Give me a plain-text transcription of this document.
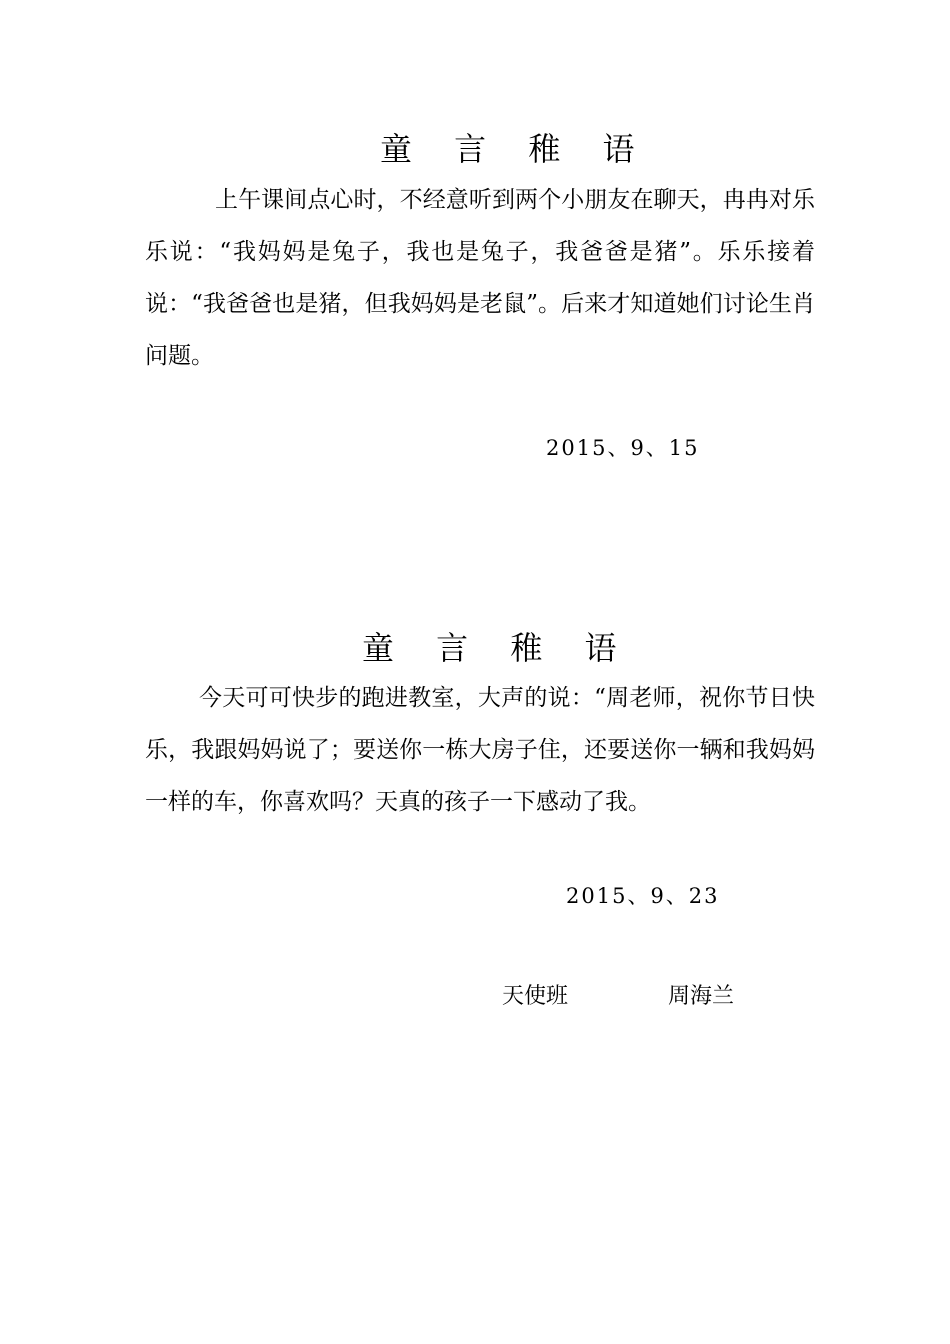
童 言 稚 语

上午课间点心时，不经意听到两个小朋友在聊天，冉冉对乐乐说：“我妈妈是兔子，我也是兔子，我爸爸是猪”。乐乐接着说：“我爸爸也是猪，但我妈妈是老鼠”。后来才知道她们讨论生肖问题。

2015、9、15
童 言 稚 语

今天可可快步的跑进教室，大声的说：“周老师，祝你节日快乐，我跟妈妈说了；要送你一栋大房子住，还要送你一辆和我妈妈一样的车，你喜欢吗？天真的孩子一下感动了我。

2015、9、23
天使班	周海兰
